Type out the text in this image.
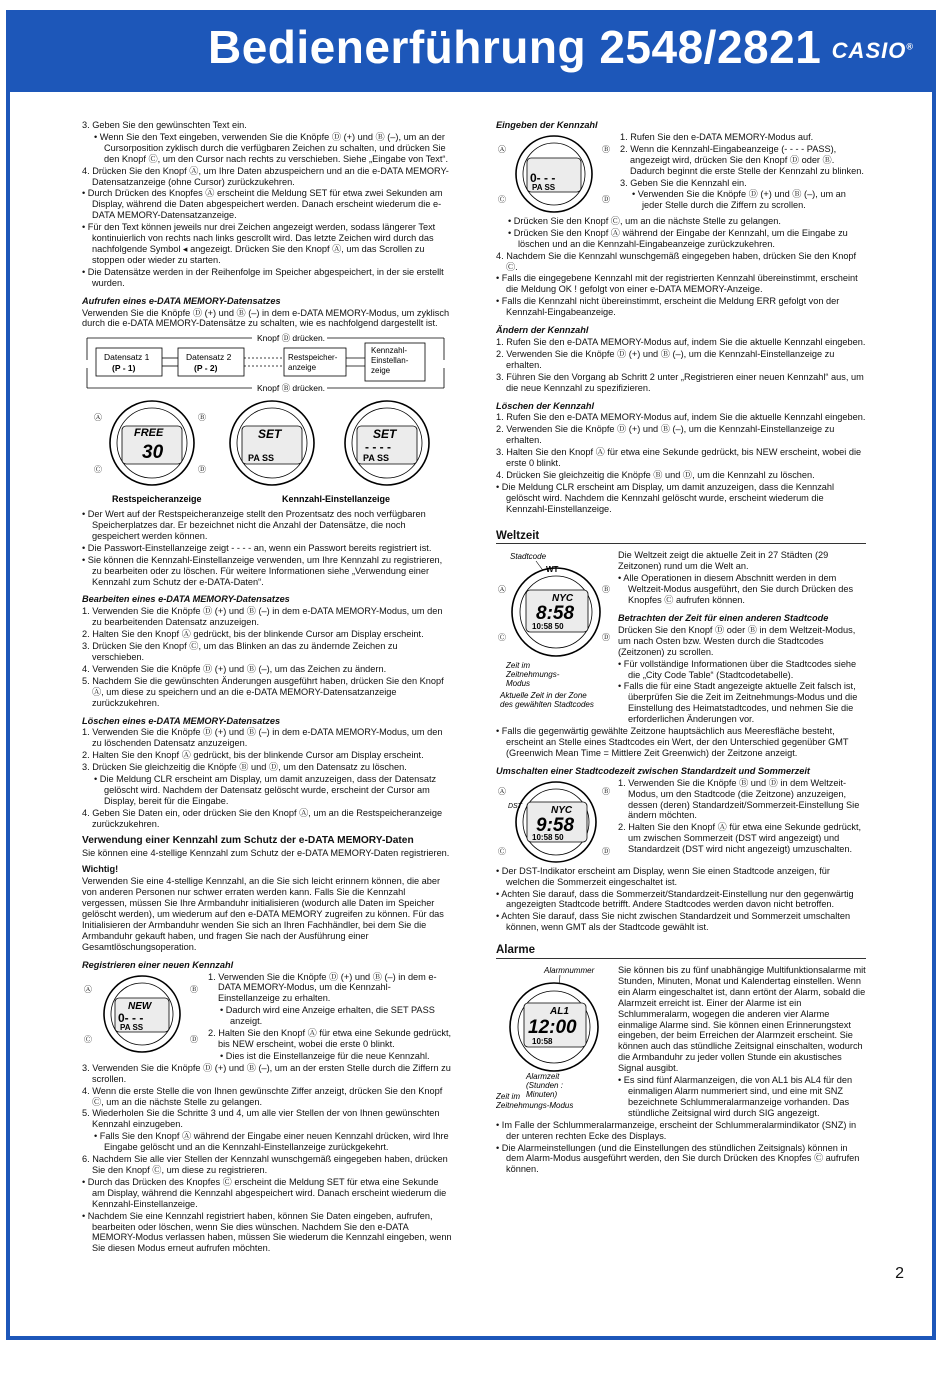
Bedienerführung 2548/2821 CASIO®

3. Geben Sie den gewünschten Text ein.

• Wenn Sie den Text eingeben, verwenden Sie die Knöpfe Ⓓ (+) und Ⓑ (–), um an der Cursorposition zyklisch durch die verfügbaren Zeichen zu schalten, und drücken Sie den Knopf Ⓒ, um den Cursor nach rechts zu verschieben. Siehe „Eingabe von Text“.

4. Drücken Sie den Knopf Ⓐ, um Ihre Daten abzuspeichern und an die e-DATA MEMORY-Datensatzanzeige (ohne Cursor) zurückzukehren.

• Durch Drücken des Knopfes Ⓐ erscheint die Meldung SET für etwa zwei Sekunden am Display, während die Daten abgespeichert werden. Danach erscheint wiederum die e-DATA MEMORY-Datensatzanzeige.

• Für den Text können jeweils nur drei Zeichen angezeigt werden, sodass längerer Text kontinuierlich von rechts nach links gescrollt wird. Das letzte Zeichen wird durch das nachfolgende Symbol ◂ angezeigt. Drücken Sie den Knopf Ⓐ, um das Scrollen zu stoppen oder wieder zu starten.

• Die Datensätze werden in der Reihenfolge im Speicher abgespeichert, in der sie erstellt wurden.

Aufrufen eines e-DATA MEMORY-Datensatzes

Verwenden Sie die Knöpfe Ⓓ (+) und Ⓑ (–) in dem e-DATA MEMORY-Modus, um zyklisch durch die e-DATA MEMORY-Datensätze zu schalten, wie es nachfolgend dargestellt ist.

Knopf Ⓓ drücken.
Datensatz 1
(P - 1)
Datensatz 2
(P - 2)
Restspeicher-
anzeige
Kennzahl-
Einstellan-
zeige
Knopf Ⓑ drücken.

FREE
30
Ⓐ	Ⓑ
Ⓒ	Ⓓ
SET
PA SS
SET
- - - -
PA SS
Restspeicheranzeige	Kennzahl-Einstellanzeige

• Der Wert auf der Restspeicheranzeige stellt den Prozentsatz des noch verfügbaren Speicherplatzes dar. Er bezeichnet nicht die Anzahl der Datensätze, die noch gespeichert werden können.

• Die Passwort-Einstellanzeige zeigt - - - - an, wenn ein Passwort bereits registriert ist.

• Sie können die Kennzahl-Einstellanzeige verwenden, um Ihre Kennzahl zu registrieren, zu bearbeiten oder zu löschen. Für weitere Informationen siehe „Verwendung einer Kennzahl zum Schutz der e-DATA-Daten“.

Bearbeiten eines e-DATA MEMORY-Datensatzes

1. Verwenden Sie die Knöpfe Ⓓ (+) und Ⓑ (–) in dem e-DATA MEMORY-Modus, um den zu bearbeitenden Datensatz anzuzeigen.

2. Halten Sie den Knopf Ⓐ gedrückt, bis der blinkende Cursor am Display erscheint.

3. Drücken Sie den Knopf Ⓒ, um das Blinken an das zu ändernde Zeichen zu verschieben.

4. Verwenden Sie die Knöpfe Ⓓ (+) und Ⓑ (–), um das Zeichen zu ändern.

5. Nachdem Sie die gewünschten Änderungen ausgeführt haben, drücken Sie den Knopf Ⓐ, um diese zu speichern und an die e-DATA MEMORY-Datensatzanzeige zurückzukehren.

Löschen eines e-DATA MEMORY-Datensatzes

1. Verwenden Sie die Knöpfe Ⓓ (+) und Ⓑ (–) in dem e-DATA MEMORY-Modus, um den zu löschenden Datensatz anzuzeigen.

2. Halten Sie den Knopf Ⓐ gedrückt, bis der blinkende Cursor am Display erscheint.

3. Drücken Sie gleichzeitig die Knöpfe Ⓑ und Ⓓ, um den Datensatz zu löschen.

• Die Meldung CLR erscheint am Display, um damit anzuzeigen, dass der Datensatz gelöscht wird. Nachdem der Datensatz gelöscht wurde, erscheint der Cursor am Display, bereit für die Eingabe.

4. Geben Sie Daten ein, oder drücken Sie den Knopf Ⓐ, um an die Restspeicheranzeige zurückzukehren.

Verwendung einer Kennzahl zum Schutz der e-DATA MEMORY-Daten

Sie können eine 4-stellige Kennzahl zum Schutz der e-DATA MEMORY-Daten registrieren.

Wichtig!

Verwenden Sie eine 4-stellige Kennzahl, an die Sie sich leicht erinnern können, die aber von anderen Personen nur schwer erraten werden kann. Falls Sie die Kennzahl vergessen, müssen Sie Ihre Armbanduhr initialisieren (wodurch alle Daten im Speicher gelöscht werden), um wiederum auf den e-DATA MEMORY zugreifen zu können. Für das Initialisieren der Armbanduhr wenden Sie sich an Ihren Fachhändler, bei dem Sie die Armbanduhr gekauft haben, und fragen Sie nach der Ausführung einer Gesamtlöschungsoperation.

Registrieren einer neuen Kennzahl

NEW
0- - -
PA SS
Ⓐ	Ⓑ
Ⓒ	Ⓓ

1. Verwenden Sie die Knöpfe Ⓓ (+) und Ⓑ (–) in dem e-DATA MEMORY-Modus, um die Kennzahl-Einstellanzeige zu erhalten.

• Dadurch wird eine Anzeige erhalten, die SET PASS anzeigt.

2. Halten Sie den Knopf Ⓐ für etwa eine Sekunde gedrückt, bis NEW erscheint, wobei die erste 0 blinkt.

• Dies ist die Einstellanzeige für die neue Kennzahl.

3. Verwenden Sie die Knöpfe Ⓓ (+) und Ⓑ (–), um an der ersten Stelle durch die Ziffern zu scrollen.

4. Wenn die erste Stelle die von Ihnen gewünschte Ziffer anzeigt, drücken Sie den Knopf Ⓒ, um an die nächste Stelle zu gelangen.

5. Wiederholen Sie die Schritte 3 und 4, um alle vier Stellen der von Ihnen gewünschten Kennzahl einzugeben.

• Falls Sie den Knopf Ⓐ während der Eingabe einer neuen Kennzahl drücken, wird Ihre Eingabe gelöscht und an die Kennzahl-Einstellanzeige zurückgekehrt.

6. Nachdem Sie alle vier Stellen der Kennzahl wunschgemäß eingegeben haben, drücken Sie den Knopf Ⓒ, um diese zu registrieren.

• Durch das Drücken des Knopfes Ⓒ erscheint die Meldung SET für etwa eine Sekunde am Display, während die Kennzahl abgespeichert wird. Danach erscheint wiederum die Kennzahl-Einstellanzeige.

• Nachdem Sie eine Kennzahl registriert haben, können Sie Daten eingeben, aufrufen, bearbeiten oder löschen, wenn Sie dies wünschen. Nachdem Sie den e-DATA MEMORY-Modus verlassen haben, müssen Sie wiederum die Kennzahl eingeben, wenn Sie diesen Modus erneut aufrufen möchten.

Eingeben der Kennzahl

0- - -
PA SS
Ⓐ	Ⓑ
Ⓒ	Ⓓ

1. Rufen Sie den e-DATA MEMORY-Modus auf.

2. Wenn die Kennzahl-Eingabeanzeige (- - - - PASS), angezeigt wird, drücken Sie den Knopf Ⓓ oder Ⓑ. Dadurch beginnt die erste Stelle der Kennzahl zu blinken.

3. Geben Sie die Kennzahl ein.

• Verwenden Sie die Knöpfe Ⓓ (+) und Ⓑ (–), um an jeder Stelle durch die Ziffern zu scrollen.

• Drücken Sie den Knopf Ⓒ, um an die nächste Stelle zu gelangen.

• Drücken Sie den Knopf Ⓐ während der Eingabe der Kennzahl, um die Eingabe zu löschen und an die Kennzahl-Eingabeanzeige zurückzukehren.

4. Nachdem Sie die Kennzahl wunschgemäß eingegeben haben, drücken Sie den Knopf Ⓒ.

• Falls die eingegebene Kennzahl mit der registrierten Kennzahl übereinstimmt, erscheint die Meldung OK ! gefolgt von einer e-DATA MEMORY-Anzeige.

• Falls die Kennzahl nicht übereinstimmt, erscheint die Meldung ERR gefolgt von der Kennzahl-Eingabeanzeige.

Ändern der Kennzahl

1. Rufen Sie den e-DATA MEMORY-Modus auf, indem Sie die aktuelle Kennzahl eingeben.

2. Verwenden Sie die Knöpfe Ⓓ (+) und Ⓑ (–), um die Kennzahl-Einstellanzeige zu erhalten.

3. Führen Sie den Vorgang ab Schritt 2 unter „Registrieren einer neuen Kennzahl“ aus, um die neue Kennzahl zu spezifizieren.

Löschen der Kennzahl

1. Rufen Sie den e-DATA MEMORY-Modus auf, indem Sie die aktuelle Kennzahl eingeben.

2. Verwenden Sie die Knöpfe Ⓓ (+) und Ⓑ (–), um die Kennzahl-Einstellanzeige zu erhalten.

3. Halten Sie den Knopf Ⓐ für etwa eine Sekunde gedrückt, bis NEW erscheint, wobei die erste 0 blinkt.

4. Drücken Sie gleichzeitig die Knöpfe Ⓑ und Ⓓ, um die Kennzahl zu löschen.

• Die Meldung CLR erscheint am Display, um damit anzuzeigen, dass die Kennzahl gelöscht wird. Nachdem die Kennzahl gelöscht wurde, erscheint wiederum die Kennzahl-Einstellanzeige.

Weltzeit

Stadtcode
WT
NYC
8:58
10:58 50
Ⓐ	Ⓑ
Ⓒ	Ⓓ
Zeit im
Zeitnehmungs-
Modus
Aktuelle Zeit in der Zone
des gewählten Stadtcodes

Die Weltzeit zeigt die aktuelle Zeit in 27 Städten (29 Zeitzonen) rund um die Welt an.

• Alle Operationen in diesem Abschnitt werden in dem Weltzeit-Modus ausgeführt, den Sie durch Drücken des Knopfes Ⓒ aufrufen können.

Betrachten der Zeit für einen anderen Stadtcode

Drücken Sie den Knopf Ⓓ oder Ⓑ in dem Weltzeit-Modus, um nach Osten bzw. Westen durch die Stadtcodes (Zeitzonen) zu scrollen.

• Für vollständige Informationen über die Stadtcodes siehe die „City Code Table“ (Stadtcodetabelle).

• Falls die für eine Stadt angezeigte aktuelle Zeit falsch ist, überprüfen Sie die Zeit im Zeitnehmungs-Modus und die Einstellung des Heimatstadtcodes, und nehmen Sie die erforderlichen Änderungen vor.

• Falls die gegenwärtig gewählte Zeitzone hauptsächlich aus Meeresfläche besteht, erscheint an Stelle eines Stadtcodes ein Wert, der den Unterschied gegenüber GMT (Greenwich Mean Time = Mittlere Zeit Greenwich) der Zeitzone anzeigt.

Umschalten einer Stadtcodezeit zwischen Standardzeit und Sommerzeit

NYC
9:58
10:58 50
DST
Ⓐ	Ⓑ
Ⓒ	Ⓓ

1. Verwenden Sie die Knöpfe Ⓑ und Ⓓ in dem Weltzeit-Modus, um den Stadtcode (die Zeitzone) anzuzeigen, dessen (deren) Standardzeit/Sommerzeit-Einstellung Sie ändern möchten.

2. Halten Sie den Knopf Ⓐ für etwa eine Sekunde gedrückt, um zwischen Sommerzeit (DST wird angezeigt) und Standardzeit (DST wird nicht angezeigt) umzuschalten.

• Der DST-Indikator erscheint am Display, wenn Sie einen Stadtcode anzeigen, für welchen die Sommerzeit eingeschaltet ist.

• Achten Sie darauf, dass die Sommerzeit/Standardzeit-Einstellung nur den gegenwärtig angezeigten Stadtcode betrifft. Andere Stadtcodes werden davon nicht betroffen.

• Achten Sie darauf, dass Sie nicht zwischen Standardzeit und Sommerzeit umschalten können, wenn GMT als der Stadtcode gewählt ist.

Alarme

Alarmnummer
AL1
12:00
10:58
Alarmzeit
(Stunden :
Minuten)
Zeit im
Zeitnehmungs-Modus

Sie können bis zu fünf unabhängige Multifunktionsalarme mit Stunden, Minuten, Monat und Kalendertag einstellen. Wenn ein Alarm eingeschaltet ist, dann ertönt der Alarm, sobald die Alarmzeit erreicht ist. Einer der Alarme ist ein Schlummeralarm, wogegen die anderen vier Alarme einmalige Alarme sind. Sie können einen Erinnerungstext eingeben, der beim Erreichen der Alarmzeit erscheint. Sie können auch das stündliche Zeitsignal einschalten, wodurch die Armbanduhr zu jeder vollen Stunde ein akustisches Signal ausgibt.

• Es sind fünf Alarmanzeigen, die von AL1 bis AL4 für den einmaligen Alarm nummeriert sind, und eine mit SNZ bezeichnete Schlummeralarmanzeige vorhanden. Das stündliche Zeitsignal wird durch SIG angezeigt.

• Im Falle der Schlummeralarmanzeige, erscheint der Schlummeralarmindikator (SNZ) in der unteren rechten Ecke des Displays.

• Die Alarmeinstellungen (und die Einstellungen des stündlichen Zeitsignals) können in dem Alarm-Modus ausgeführt werden, den Sie durch Drücken des Knopfes Ⓒ aufrufen können.

2
